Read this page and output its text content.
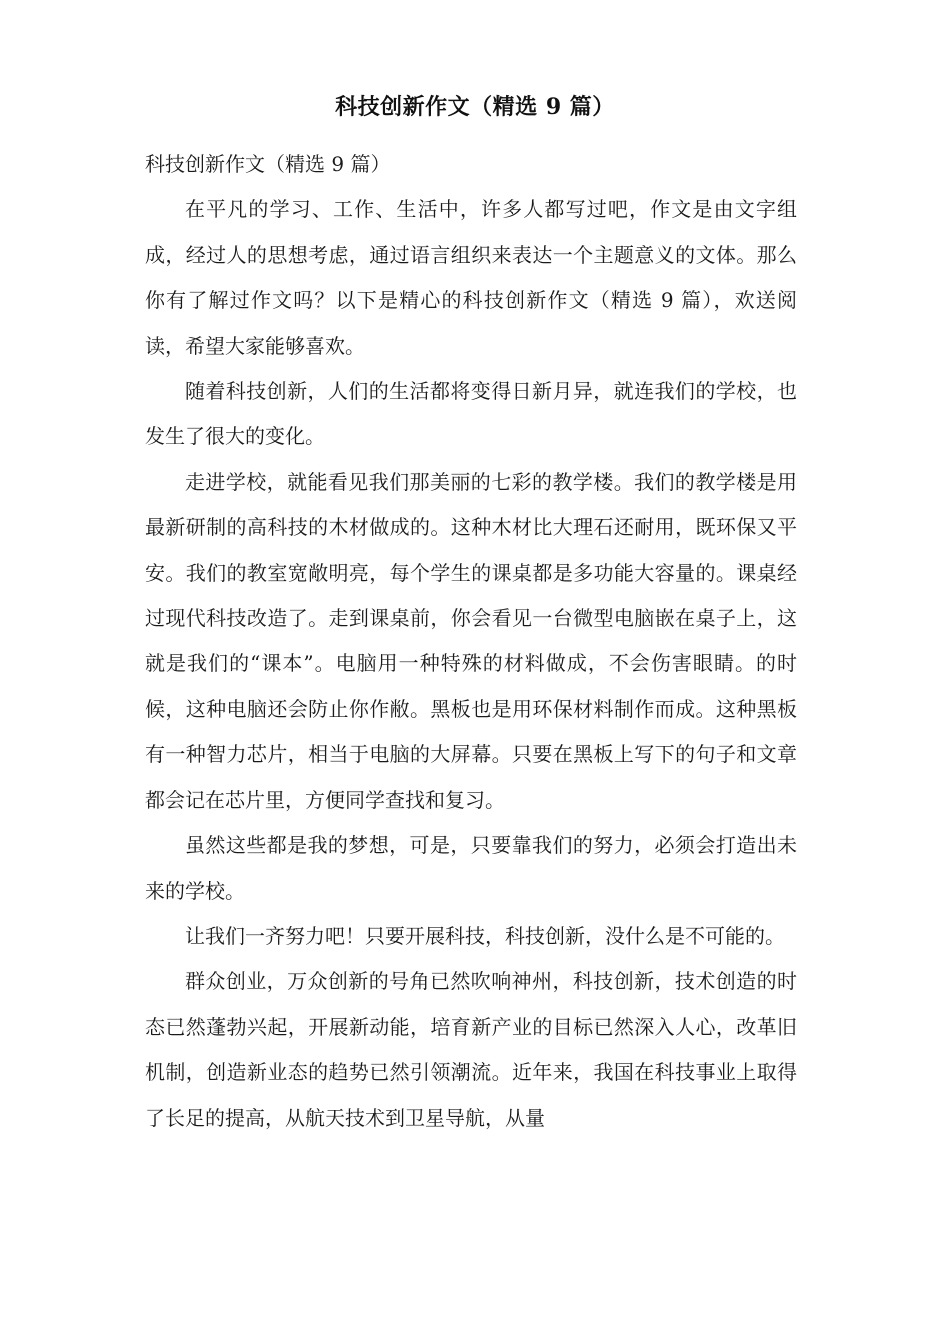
科技创新作文（精选 9 篇）

科技创新作文（精选 9 篇）

在平凡的学习、工作、生活中，许多人都写过吧，作文是由文字组成，经过人的思想考虑，通过语言组织来表达一个主题意义的文体。那么你有了解过作文吗？以下是精心的科技创新作文（精选 9 篇），欢送阅读，希望大家能够喜欢。

随着科技创新，人们的生活都将变得日新月异，就连我们的学校，也发生了很大的变化。

走进学校，就能看见我们那美丽的七彩的教学楼。我们的教学楼是用最新研制的高科技的木材做成的。这种木材比大理石还耐用，既环保又平安。我们的教室宽敞明亮，每个学生的课桌都是多功能大容量的。课桌经过现代科技改造了。走到课桌前，你会看见一台微型电脑嵌在桌子上，这就是我们的“课本”。电脑用一种特殊的材料做成，不会伤害眼睛。的时候，这种电脑还会防止你作敝。黑板也是用环保材料制作而成。这种黑板有一种智力芯片，相当于电脑的大屏幕。只要在黑板上写下的句子和文章都会记在芯片里，方便同学查找和复习。

虽然这些都是我的梦想，可是，只要靠我们的努力，必须会打造出未来的学校。

让我们一齐努力吧！只要开展科技，科技创新，没什么是不可能的。

群众创业，万众创新的号角已然吹响神州，科技创新，技术创造的时态已然蓬勃兴起，开展新动能，培育新产业的目标已然深入人心，改革旧机制，创造新业态的趋势已然引领潮流。近年来，我国在科技事业上取得了长足的提高，从航天技术到卫星导航，从量
